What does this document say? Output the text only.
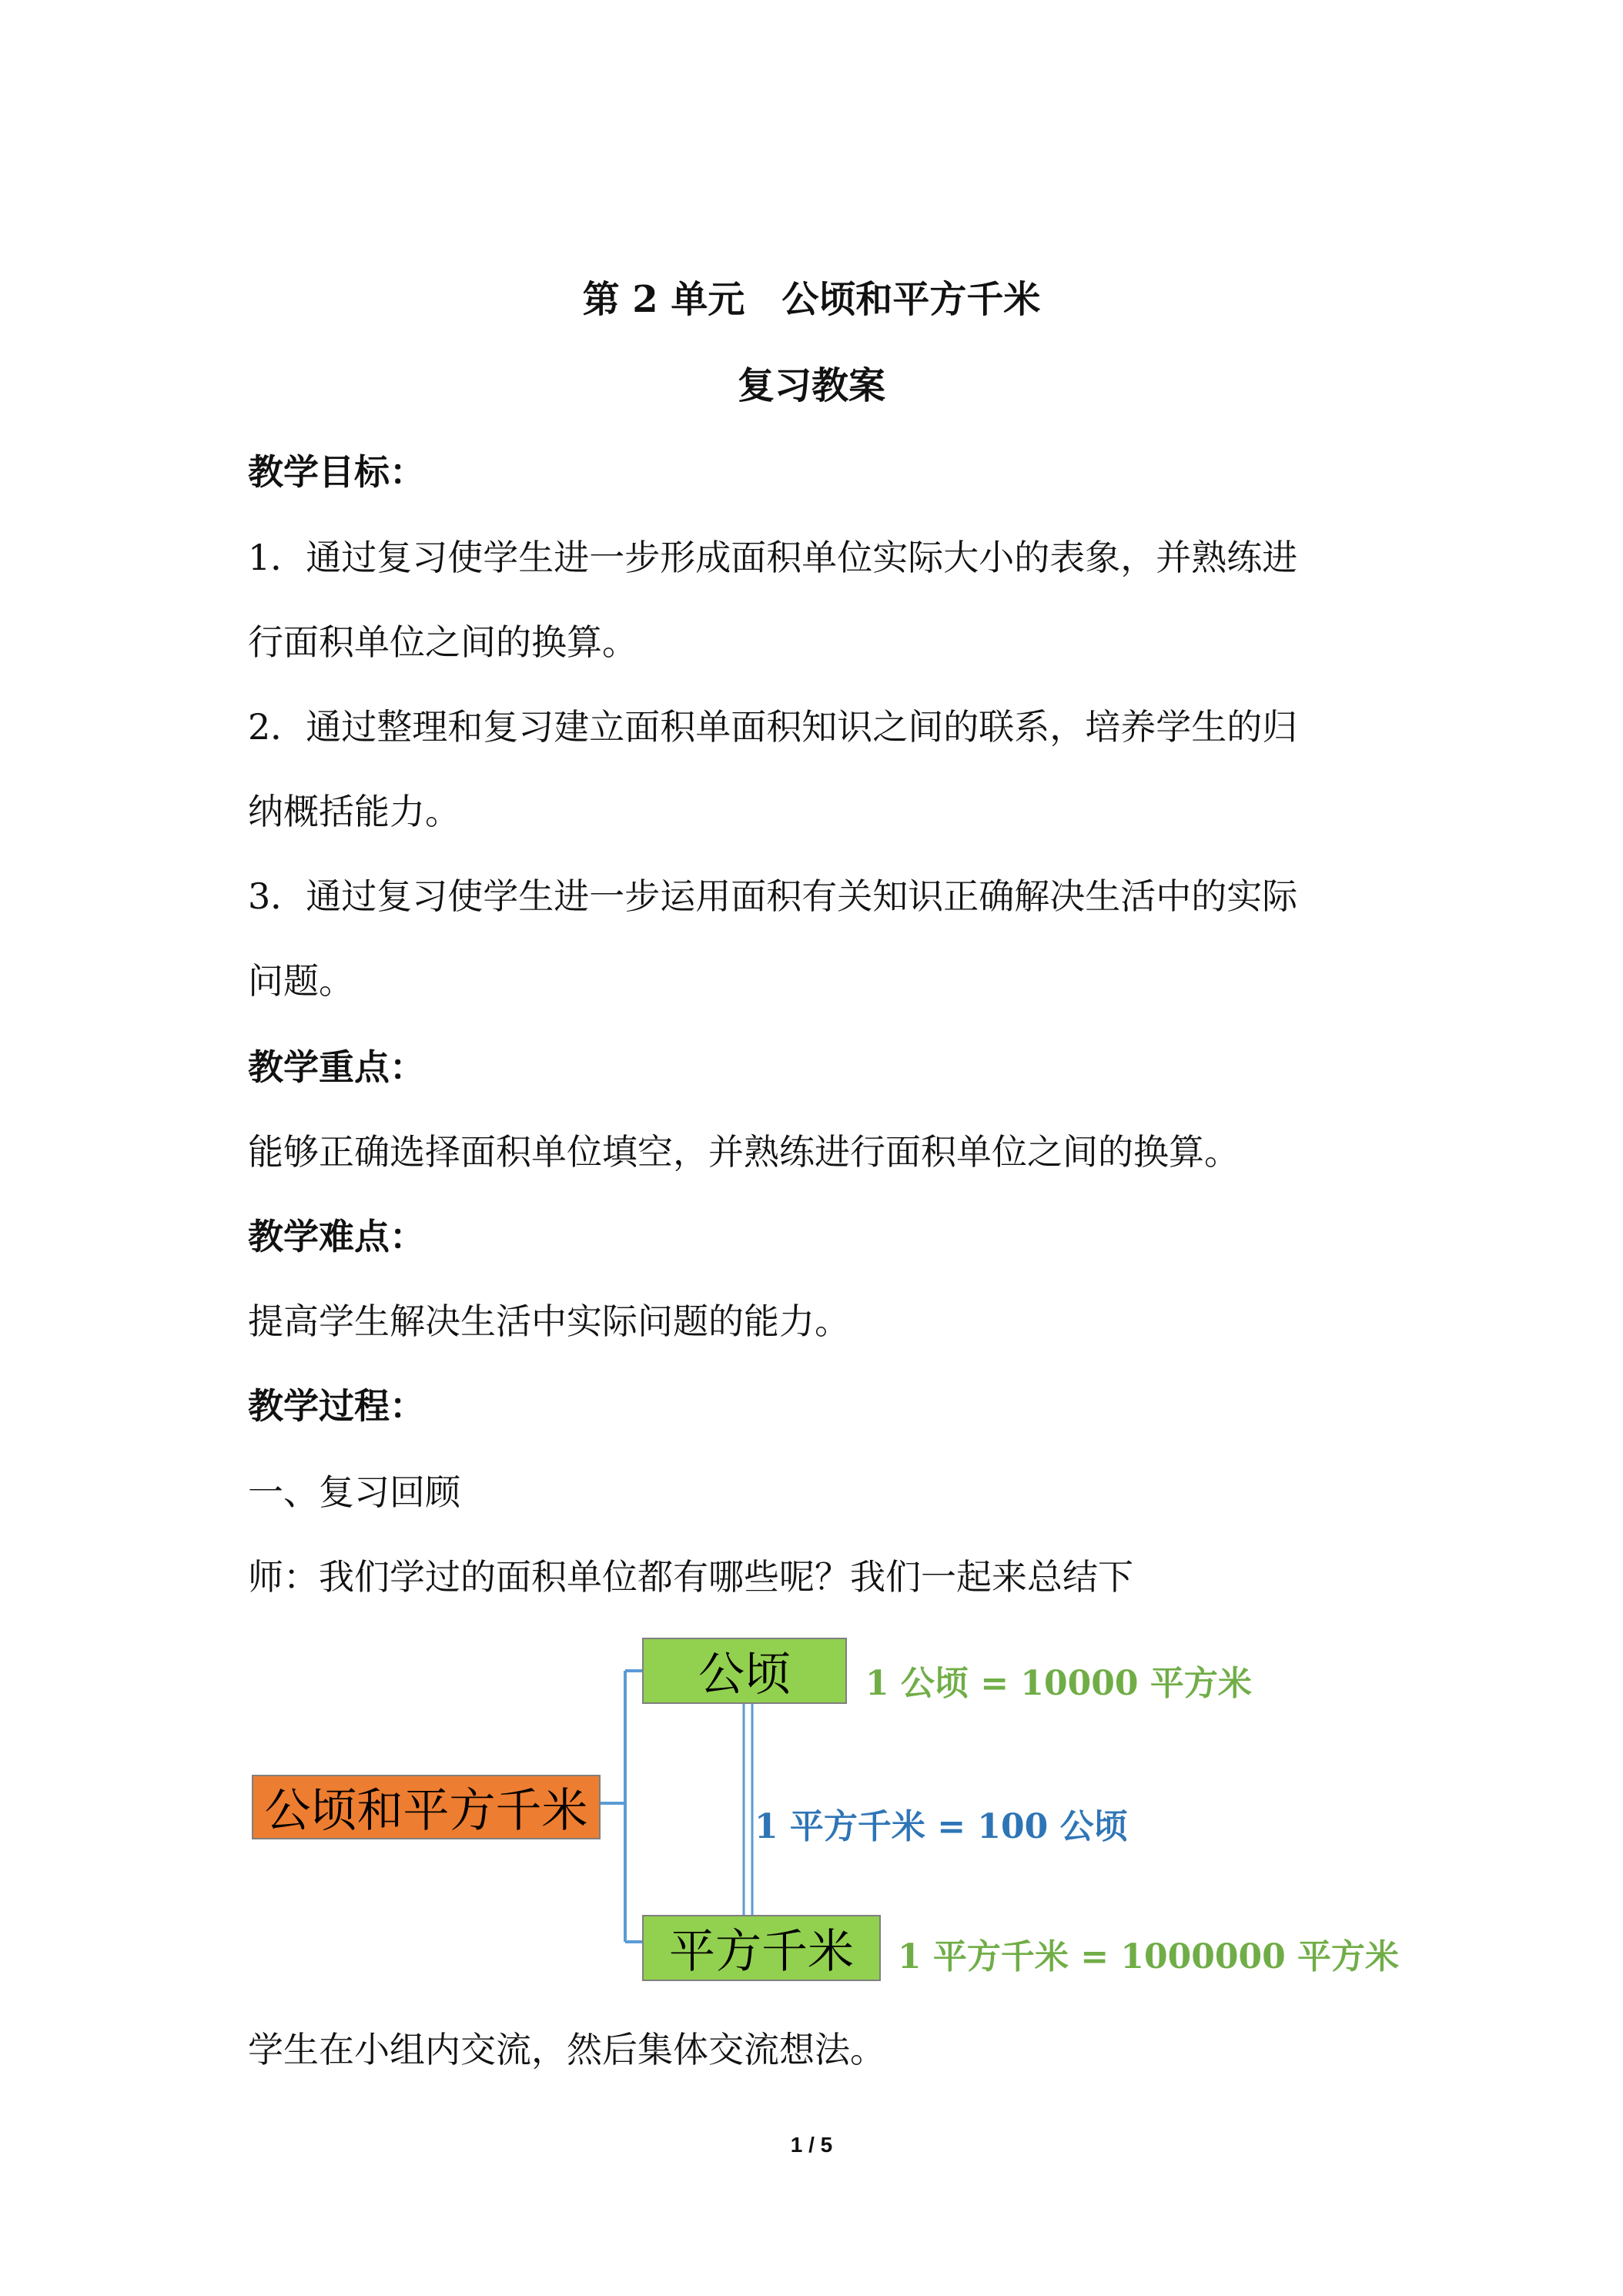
第 2 单元　公顷和平方千米
复习教案
教学目标：
1．通过复习使学生进一步形成面积单位实际大小的表象，并熟练进
行面积单位之间的换算。
2．通过整理和复习建立面积单面积知识之间的联系，培养学生的归
纳概括能力。
3．通过复习使学生进一步运用面积有关知识正确解决生活中的实际
问题。
教学重点：
能够正确选择面积单位填空，并熟练进行面积单位之间的换算。
教学难点：
提高学生解决生活中实际问题的能力。
教学过程：
一、复习回顾
师：我们学过的面积单位都有哪些呢？我们一起来总结下
公顷和平方千米
公顷
平方千米
1 公顷 = 10000 平方米
1 平方千米 = 100 公顷
1 平方千米 = 1000000 平方米
学生在小组内交流，然后集体交流想法。
1 / 5
